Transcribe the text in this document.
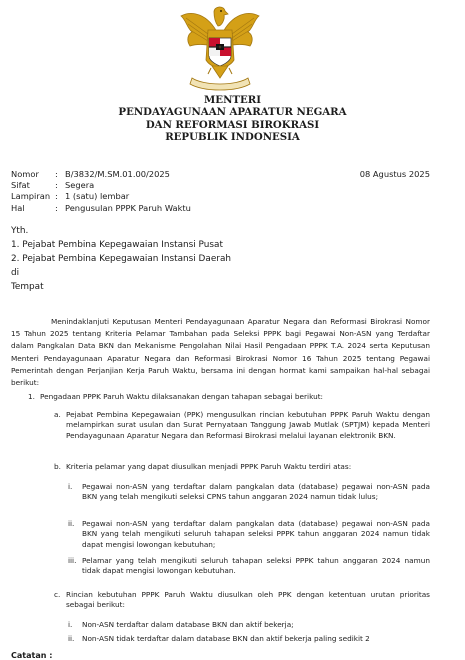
MENTERI
PENDAYAGUNAAN APARATUR NEGARA
DAN REFORMASI BIROKRASI
REPUBLIK INDONESIA
Nomor	: B/3832/M.SM.01.00/2025
Sifat	: Segera
Lampiran : 1 (satu) lembar
Hal	: Pengusulan PPPK Paruh Waktu
08 Agustus 2025
Yth.
1. Pejabat Pembina Kepegawaian Instansi Pusat
2. Pejabat Pembina Kepegawaian Instansi Daerah
di
Tempat
Menindaklanjuti Keputusan Menteri Pendayagunaan Aparatur Negara dan Reformasi Birokrasi Nomor 15 Tahun 2025 tentang Kriteria Pelamar Tambahan pada Seleksi PPPK bagi Pegawai Non-ASN yang Terdaftar dalam Pangkalan Data BKN dan Mekanisme Pengolahan Nilai Hasil Pengadaan PPPK T.A. 2024 serta Keputusan Menteri Pendayagunaan Aparatur Negara dan Reformasi Birokrasi Nomor 16 Tahun 2025 tentang Pegawai Pemerintah dengan Perjanjian Kerja Paruh Waktu, bersama ini dengan hormat kami sampaikan hal-hal sebagai berikut:
1. Pengadaan PPPK Paruh Waktu dilaksanakan dengan tahapan sebagai berikut:
a. Pejabat Pembina Kepegawaian (PPK) mengusulkan rincian kebutuhan PPPK Paruh Waktu dengan melampirkan surat usulan dan Surat Pernyataan Tanggung Jawab Mutlak (SPTJM) kepada Menteri Pendayagunaan Aparatur Negara dan Reformasi Birokrasi melalui layanan elektronik BKN.
b. Kriteria pelamar yang dapat diusulkan menjadi PPPK Paruh Waktu terdiri atas:
i. Pegawai non-ASN yang terdaftar dalam pangkalan data (database) pegawai non-ASN pada BKN yang telah mengikuti seleksi CPNS tahun anggaran 2024 namun tidak lulus;
ii. Pegawai non-ASN yang terdaftar dalam pangkalan data (database) pegawai non-ASN pada BKN yang telah mengikuti seluruh tahapan seleksi PPPK tahun anggaran 2024 namun tidak dapat mengisi lowongan kebutuhan;
iii. Pelamar yang telah mengikuti seluruh tahapan seleksi PPPK tahun anggaran 2024 namun tidak dapat mengisi lowongan kebutuhan.
c. Rincian kebutuhan PPPK Paruh Waktu diusulkan oleh PPK dengan ketentuan urutan prioritas sebagai berikut:
i. Non-ASN terdaftar dalam database BKN dan aktif bekerja;
ii. Non-ASN tidak terdaftar dalam database BKN dan aktif bekerja paling sedikit 2
Catatan :
